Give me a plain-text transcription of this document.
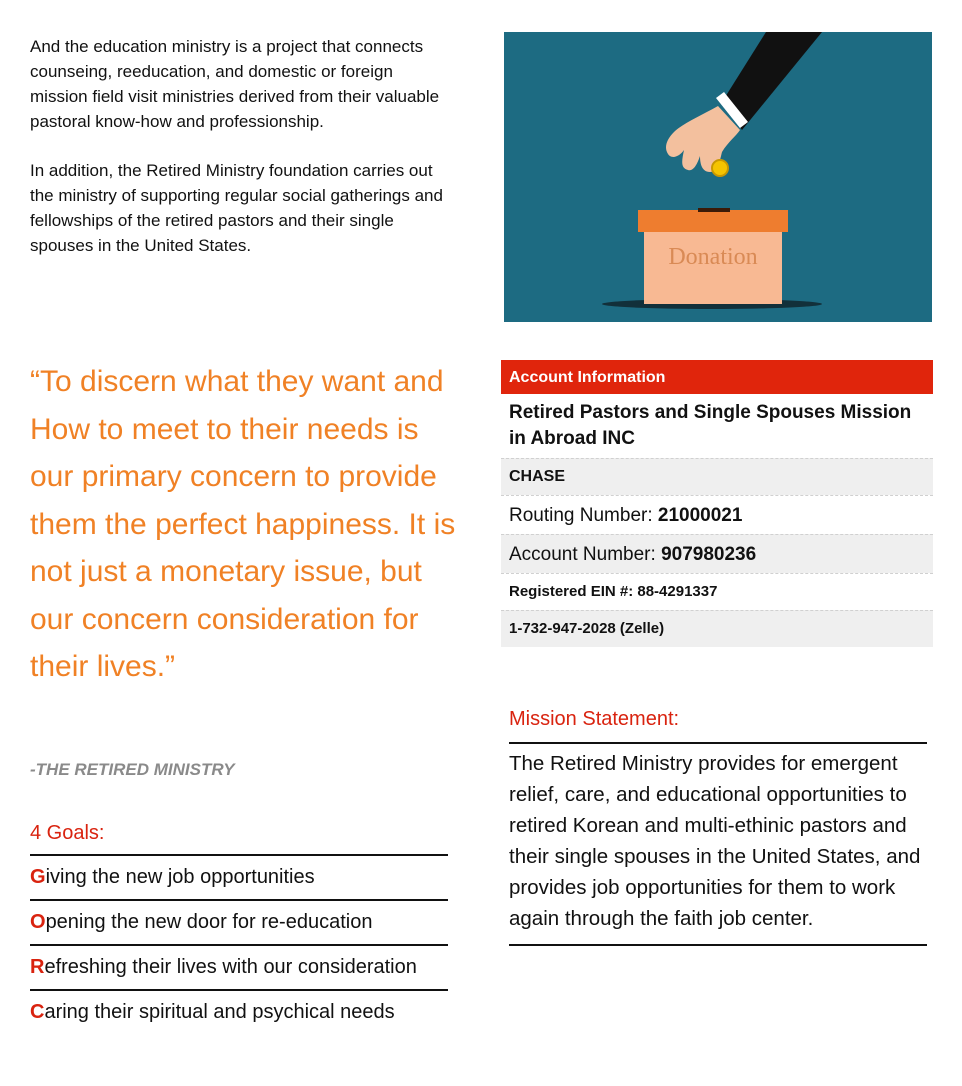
And the education ministry is a project that connects counseing, reeducation, and domestic or foreign mission field visit ministries derived from their valuable pastoral know-how and professionship.

In addition, the Retired Ministry foundation carries out the ministry of supporting regular social gatherings and fellowships of the retired pastors and their single spouses in the United States.

“To discern what they want and How to meet to their needs is our primary concern to provide them the perfect happiness. It is not just a monetary issue, but our concern consideration for their lives.”
-THE RETIRED MINISTRY
4 Goals:
Giving the new job opportunities
Opening the new door for re-education
Refreshing their lives with our consideration
Caring their spiritual and psychical needs
Donation
Account Information
Retired Pastors and Single Spouses Mission in Abroad INC
CHASE
Routing Number: 21000021
Account Number: 907980236
Registered EIN #: 88-4291337
1-732-947-2028 (Zelle)
Mission Statement:
The Retired Ministry provides for emergent relief, care, and educational opportunities to retired Korean and multi-ethinic pastors and their single spouses in the United States, and provides job opportunities for them to work again through the faith job center.
